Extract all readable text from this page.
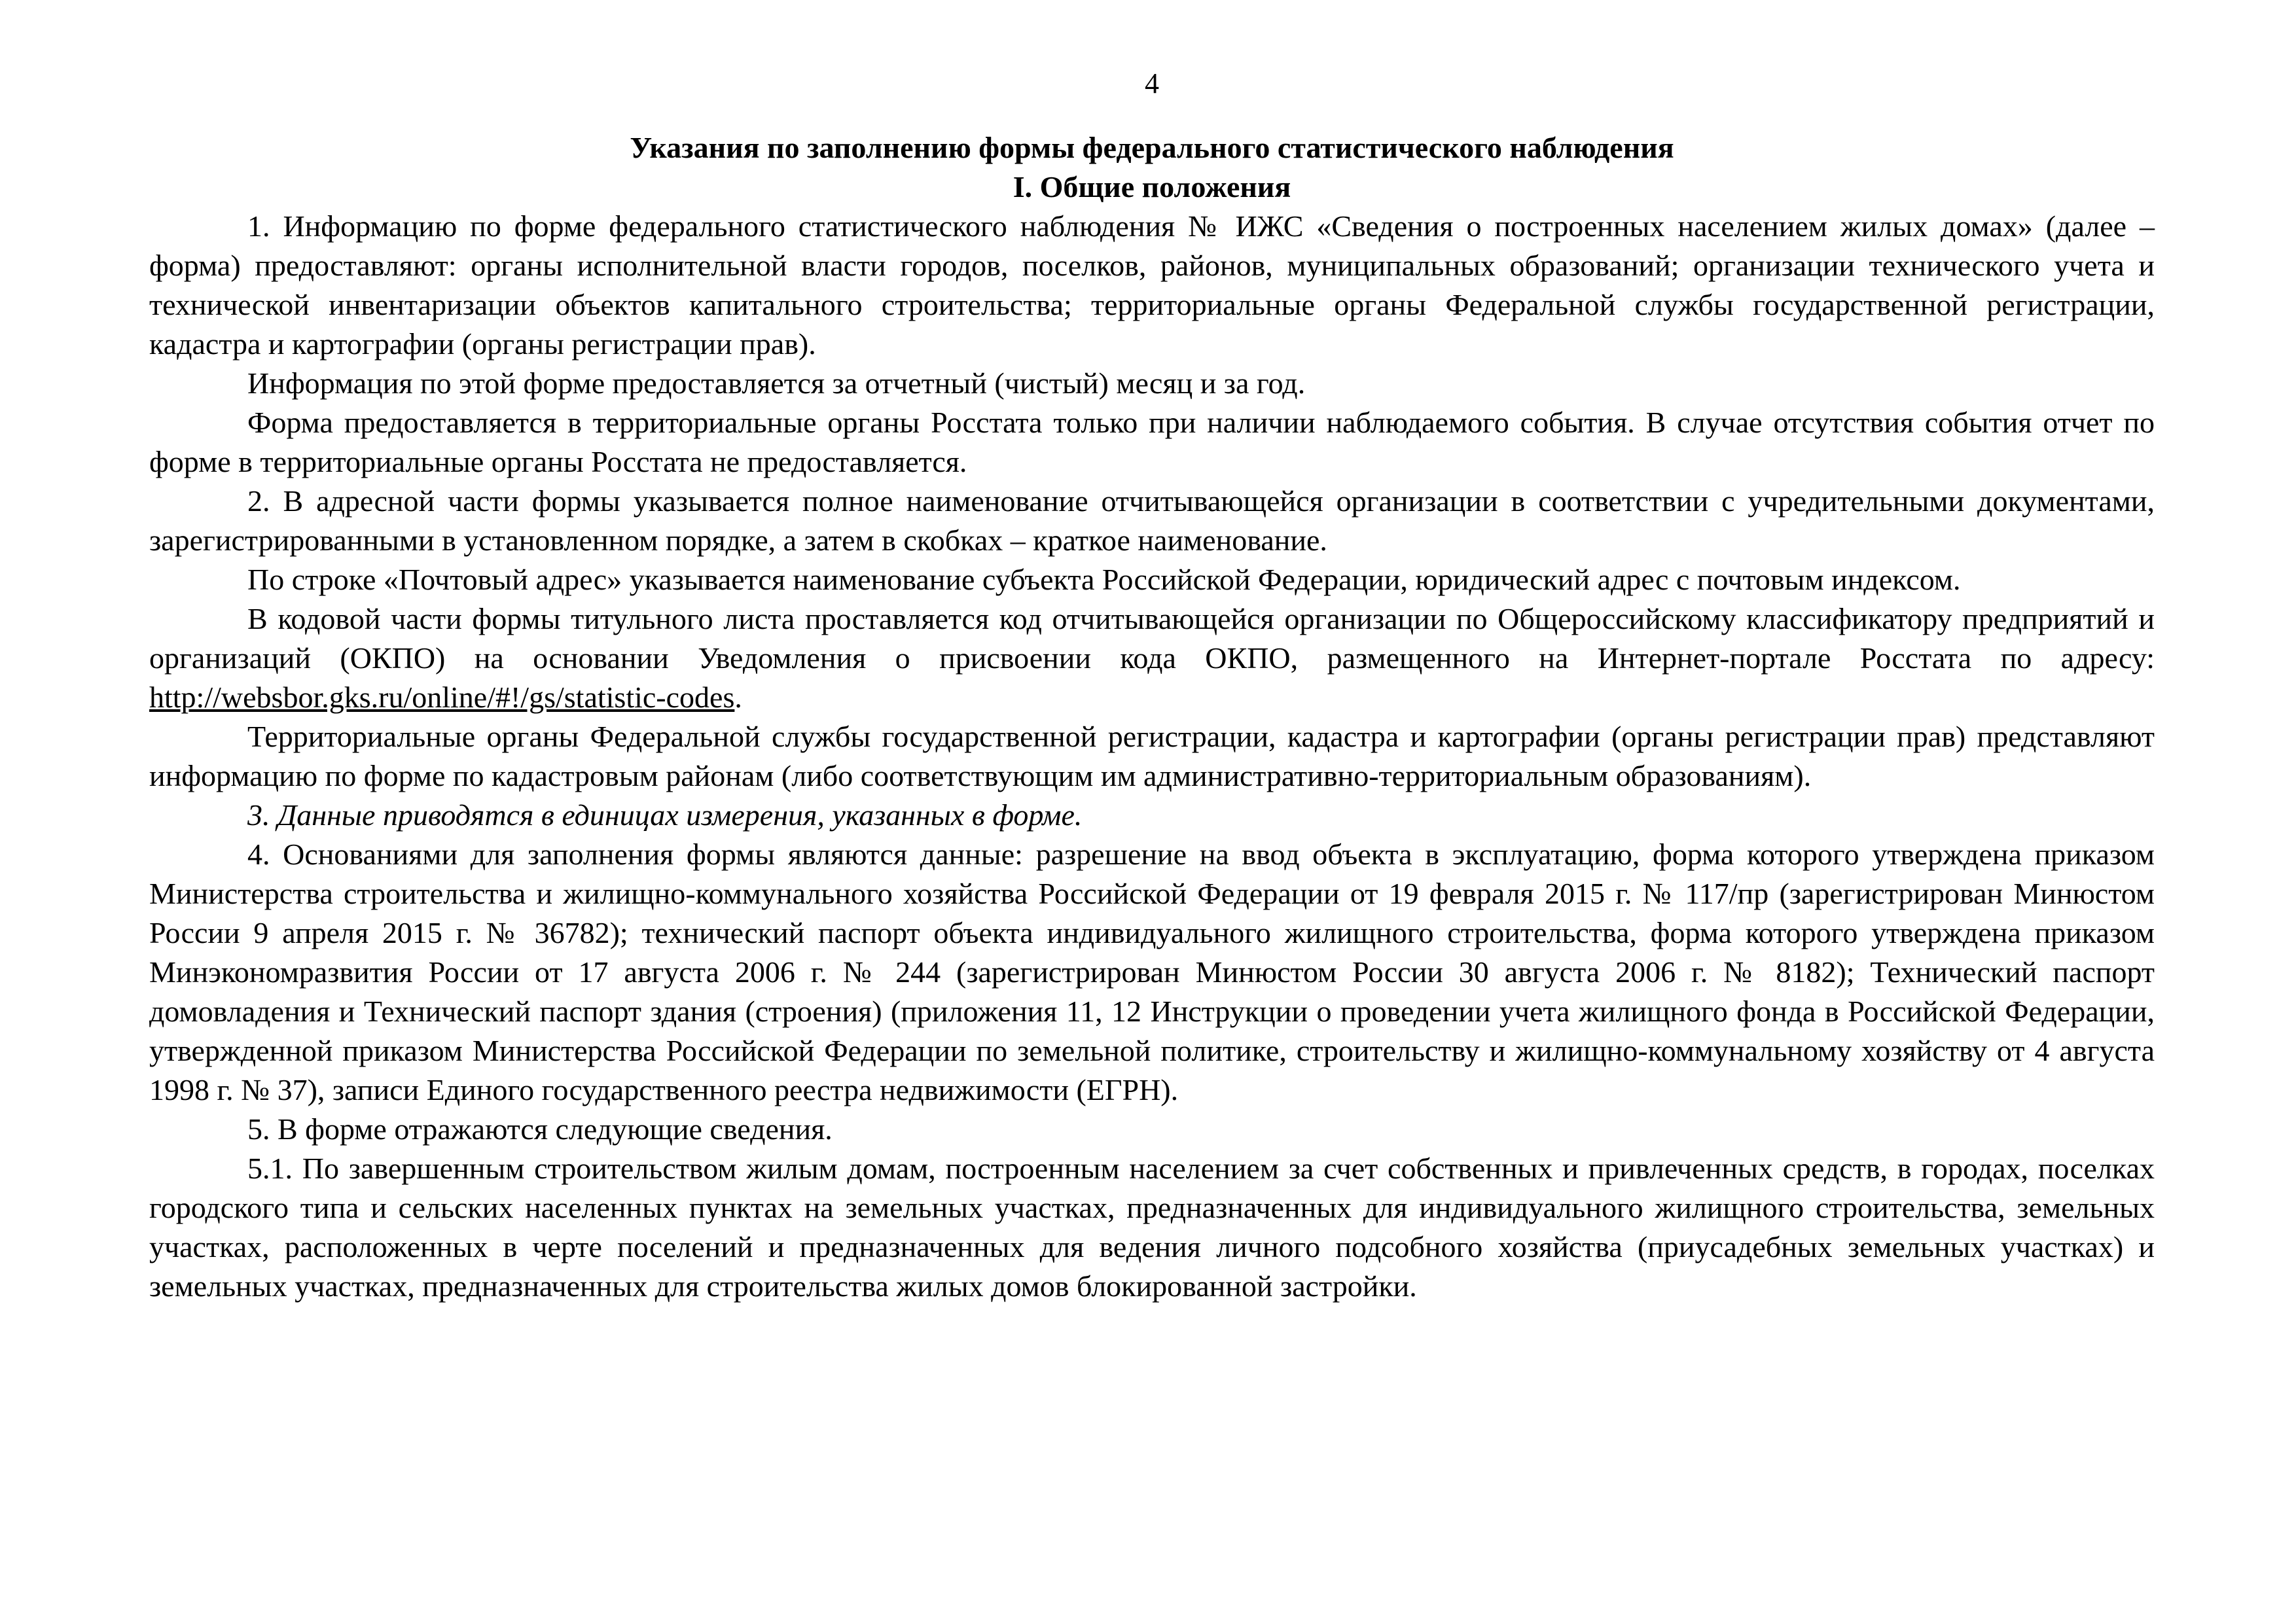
4
Указания по заполнению формы федерального статистического наблюдения
I. Общие положения

1. Информацию по форме федерального статистического наблюдения № ИЖС «Сведения о построенных населением жилых домах» (далее – форма) предоставляют: органы исполнительной власти городов, поселков, районов, муниципальных образований; организации технического учета и технической инвентаризации объектов капитального строительства; территориальные органы Федеральной службы государственной регистрации, кадастра и картографии (органы регистрации прав).

Информация по этой форме предоставляется за отчетный (чистый) месяц и за год.

Форма предоставляется в территориальные органы Росстата только при наличии наблюдаемого события. В случае отсутствия события отчет по форме в территориальные органы Росстата не предоставляется.

2. В адресной части формы указывается полное наименование отчитывающейся организации в соответствии с учредительными документами, зарегистрированными в установленном порядке, а затем в скобках – краткое наименование.

По строке «Почтовый адрес» указывается наименование субъекта Российской Федерации, юридический адрес с почтовым индексом.

В кодовой части формы титульного листа проставляется код отчитывающейся организации по Общероссийскому классификатору предприятий и организаций (ОКПО) на основании Уведомления о присвоении кода ОКПО, размещенного на Интернет-портале Росстата по адресу: http://websbor.gks.ru/online/#!/gs/statistic-codes.

Территориальные органы Федеральной службы государственной регистрации, кадастра и картографии (органы регистрации прав) представляют информацию по форме по кадастровым районам (либо соответствующим им административно-территориальным образованиям).

3. Данные приводятся в единицах измерения, указанных в форме.

4. Основаниями для заполнения формы являются данные: разрешение на ввод объекта в эксплуатацию, форма которого утверждена приказом Министерства строительства и жилищно-коммунального хозяйства Российской Федерации от 19 февраля 2015 г. № 117/пр (зарегистрирован Минюстом России 9 апреля 2015 г. № 36782); технический паспорт объекта индивидуального жилищного строительства, форма которого утверждена приказом Минэкономразвития России от 17 августа 2006 г. № 244 (зарегистрирован Минюстом России 30 августа 2006 г. № 8182); Технический паспорт домовладения и Технический паспорт здания (строения) (приложения 11, 12 Инструкции о проведении учета жилищного фонда в Российской Федерации, утвержденной приказом Министерства Российской Федерации по земельной политике, строительству и жилищно-коммунальному хозяйству от 4 августа 1998 г. № 37), записи Единого государственного реестра недвижимости (ЕГРН).

5. В форме отражаются следующие сведения.

5.1. По завершенным строительством жилым домам, построенным населением за счет собственных и привлеченных средств, в городах, поселках городского типа и сельских населенных пунктах на земельных участках, предназначенных для индивидуального жилищного строительства, земельных участках, расположенных в черте поселений и предназначенных для ведения личного подсобного хозяйства (приусадебных земельных участках) и земельных участках, предназначенных для строительства жилых домов блокированной застройки.
